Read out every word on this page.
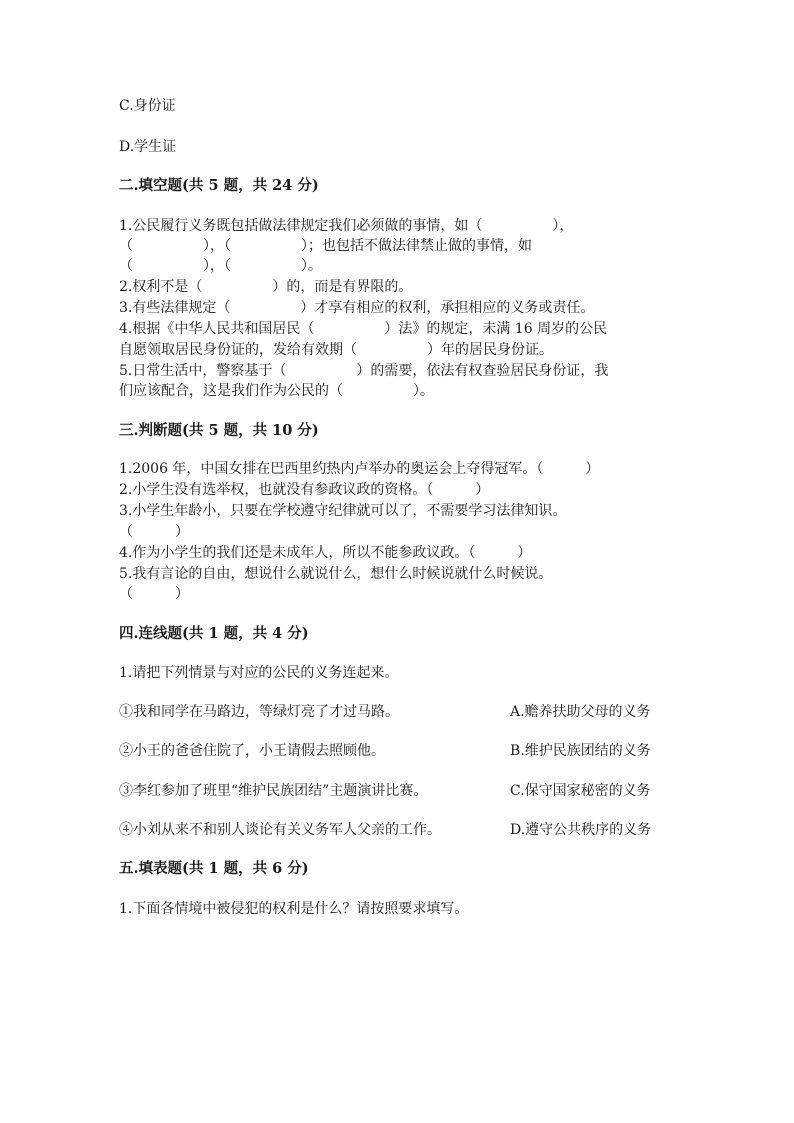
C.身份证
D.学生证
二.填空题(共 5 题，共 24 分)
1.公民履行义务既包括做法律规定我们必须做的事情，如（　　　　　），
（　　　　　），（　　　　　）；也包括不做法律禁止做的事情，如
（　　　　　），（　　　　　）。
2.权利不是（　　　　　）的，而是有界限的。
3.有些法律规定（　　　　　）才享有相应的权利，承担相应的义务或责任。
4.根据《中华人民共和国居民（　　　　　）法》的规定，未满 16 周岁的公民
自愿领取居民身份证的，发给有效期（　　　　　）年的居民身份证。
5.日常生活中，警察基于（　　　　　）的需要，依法有权查验居民身份证，我
们应该配合，这是我们作为公民的（　　　　　）。
三.判断题(共 5 题，共 10 分)
1.2006 年，中国女排在巴西里约热内卢举办的奥运会上夺得冠军。（　　　）
2.小学生没有选举权，也就没有参政议政的资格。（　　　）
3.小学生年龄小，只要在学校遵守纪律就可以了，不需要学习法律知识。
（　　　）
4.作为小学生的我们还是未成年人，所以不能参政议政。（　　　）
5.我有言论的自由，想说什么就说什么，想什么时候说就什么时候说。
（　　　）
四.连线题(共 1 题，共 4 分)
1.请把下列情景与对应的公民的义务连起来。
①我和同学在马路边，等绿灯亮了才过马路。	A.赡养扶助父母的义务
②小王的爸爸住院了，小王请假去照顾他。	B.维护民族团结的义务
③李红参加了班里“维护民族团结”主题演讲比赛。	C.保守国家秘密的义务
④小刘从来不和别人谈论有关义务军人父亲的工作。	D.遵守公共秩序的义务
五.填表题(共 1 题，共 6 分)
1.下面各情境中被侵犯的权利是什么？请按照要求填写。
